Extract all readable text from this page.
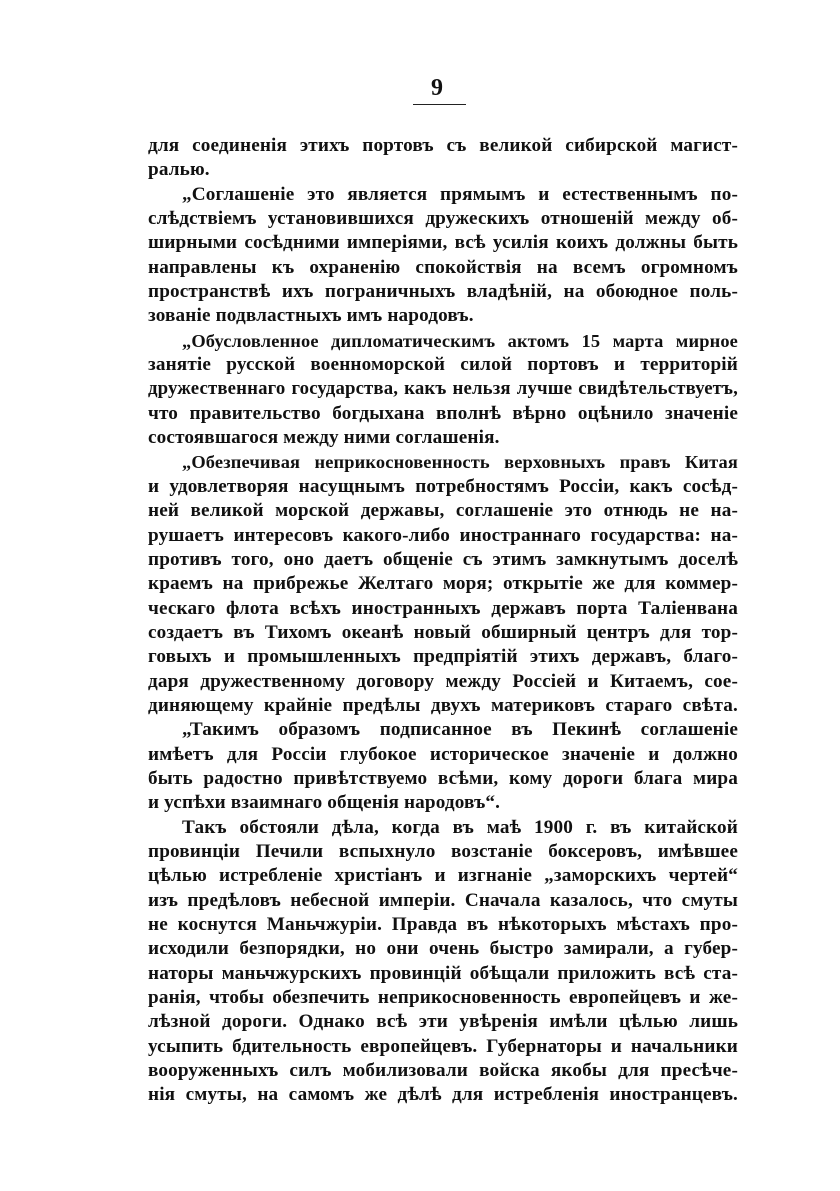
9
для соединенія этихъ портовъ съ великой сибирской магист-
ралью.
„Соглашеніе это является прямымъ и естественнымъ по-
слѣдствіемъ установившихся дружескихъ отношеній между об-
ширными сосѣдними имперіями, всѣ усилія коихъ должны быть
направлены къ охраненію спокойствія на всемъ огромномъ
пространствѣ ихъ пограничныхъ владѣній, на обоюдное поль-
зованіе подвластныхъ имъ народовъ.
„Обусловленное дипломатическимъ актомъ 15 марта мирное
занятіе русской военноморской силой портовъ и территорій
дружественнаго государства, какъ нельзя лучше свидѣтельствуетъ,
что правительство богдыхана вполнѣ вѣрно оцѣнило значеніе
состоявшагося между ними соглашенія.
„Обезпечивая неприкосновенность верховныхъ правъ Китая
и удовлетворяя насущнымъ потребностямъ Россіи, какъ сосѣд-
ней великой морской державы, соглашеніе это отнюдь не на-
рушаетъ интересовъ какого-либо иностраннаго государства: на-
противъ того, оно даетъ общеніе съ этимъ замкнутымъ доселѣ
краемъ на прибрежье Желтаго моря; открытіе же для коммер-
ческаго флота всѣхъ иностранныхъ державъ порта Таліенвана
создаетъ въ Тихомъ океанѣ новый обширный центръ для тор-
говыхъ и промышленныхъ предпріятій этихъ державъ, благо-
даря дружественному договору между Россіей и Китаемъ, сое-
диняющему крайніе предѣлы двухъ материковъ стараго свѣта.
„Такимъ образомъ подписанное въ Пекинѣ соглашеніе
имѣетъ для Россіи глубокое историческое значеніе и должно
быть радостно привѣтствуемо всѣми, кому дороги блага мира
и успѣхи взаимнаго общенія народовъ“.
Такъ обстояли дѣла, когда въ маѣ 1900 г. въ китайской
провинціи Печили вспыхнуло возстаніе боксеровъ, имѣвшее
цѣлью истребленіе христіанъ и изгнаніе „заморскихъ чертей“
изъ предѣловъ небесной имперіи. Сначала казалось, что смуты
не коснутся Маньчжуріи. Правда въ нѣкоторыхъ мѣстахъ про-
исходили безпорядки, но они очень быстро замирали, а губер-
наторы маньчжурскихъ провинцій обѣщали приложить всѣ ста-
ранія, чтобы обезпечить неприкосновенность европейцевъ и же-
лѣзной дороги. Однако всѣ эти увѣренія имѣли цѣлью лишь
усыпить бдительность европейцевъ. Губернаторы и начальники
вооруженныхъ силъ мобилизовали войска якобы для пресѣче-
нія смуты, на самомъ же дѣлѣ для истребленія иностранцевъ.
